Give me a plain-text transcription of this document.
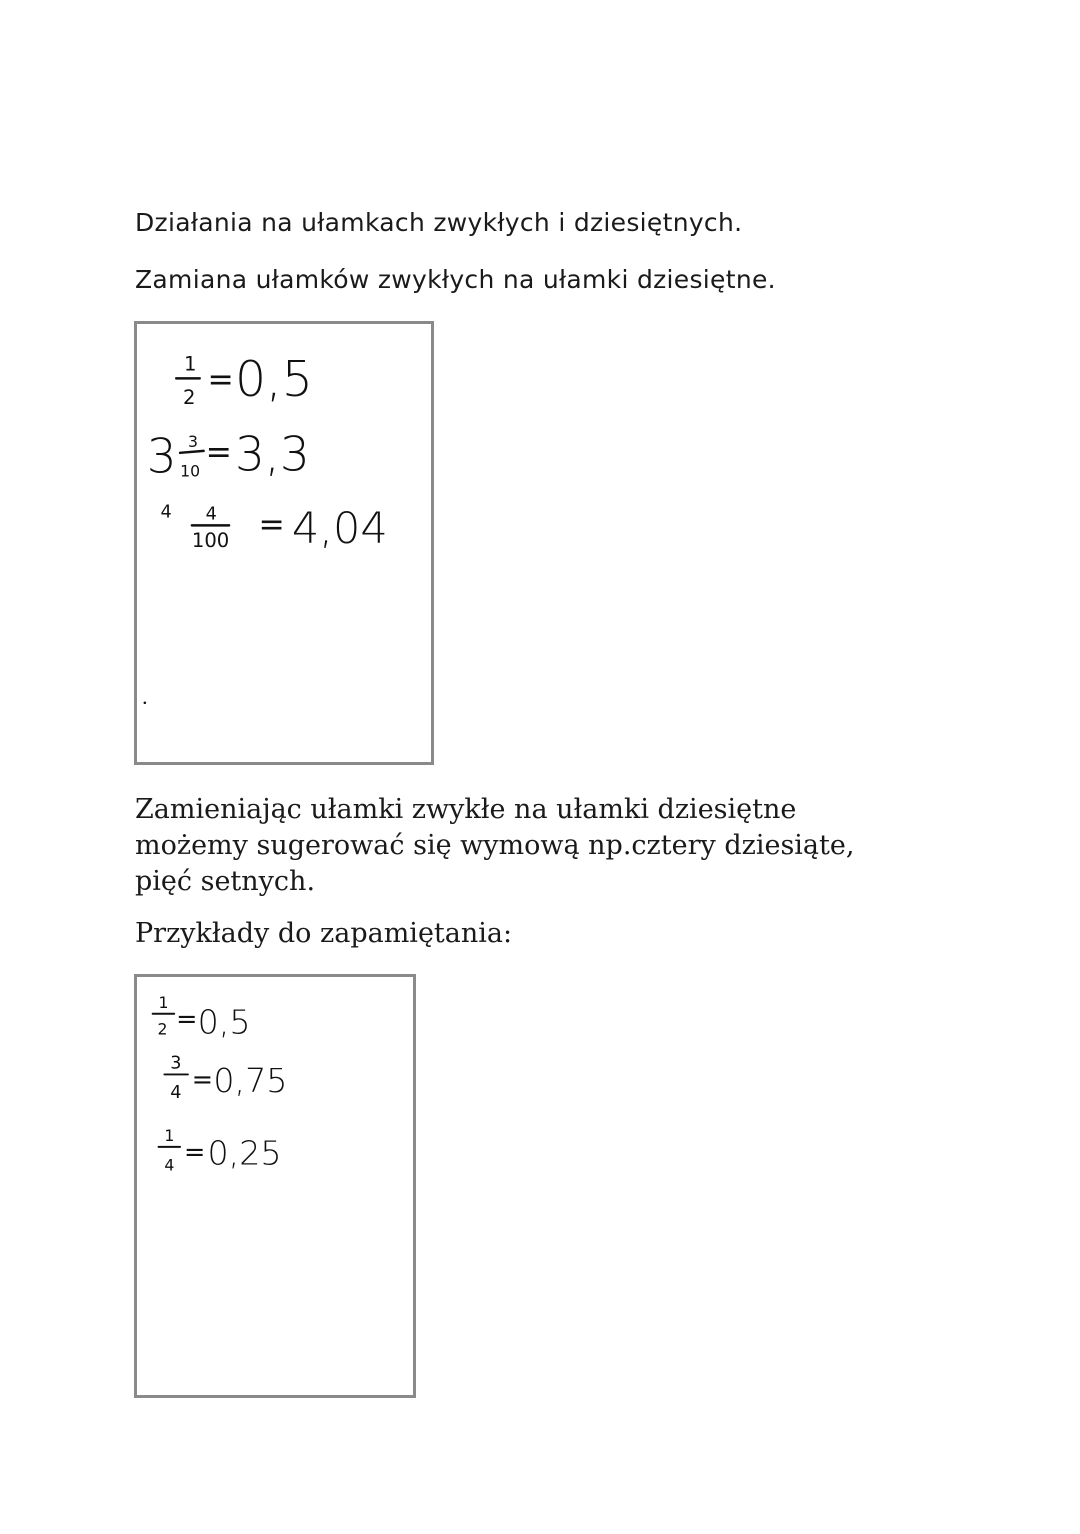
Działania na ułamkach zwykłych i dziesiętnych.

Zamiana ułamków zwykłych na ułamki dziesiętne.

1
2 = 0,5
3 3
10
= 3,3
4 4
100 = 4,04

Zamieniając ułamki zwykłe na ułamki dziesiętne
możemy sugerować się wymową np.cztery dziesiąte,
pięć setnych.

Przykłady do zapamiętania:

1
2 = 0,5
3
4 = 0,75
1
4 = 0,25
